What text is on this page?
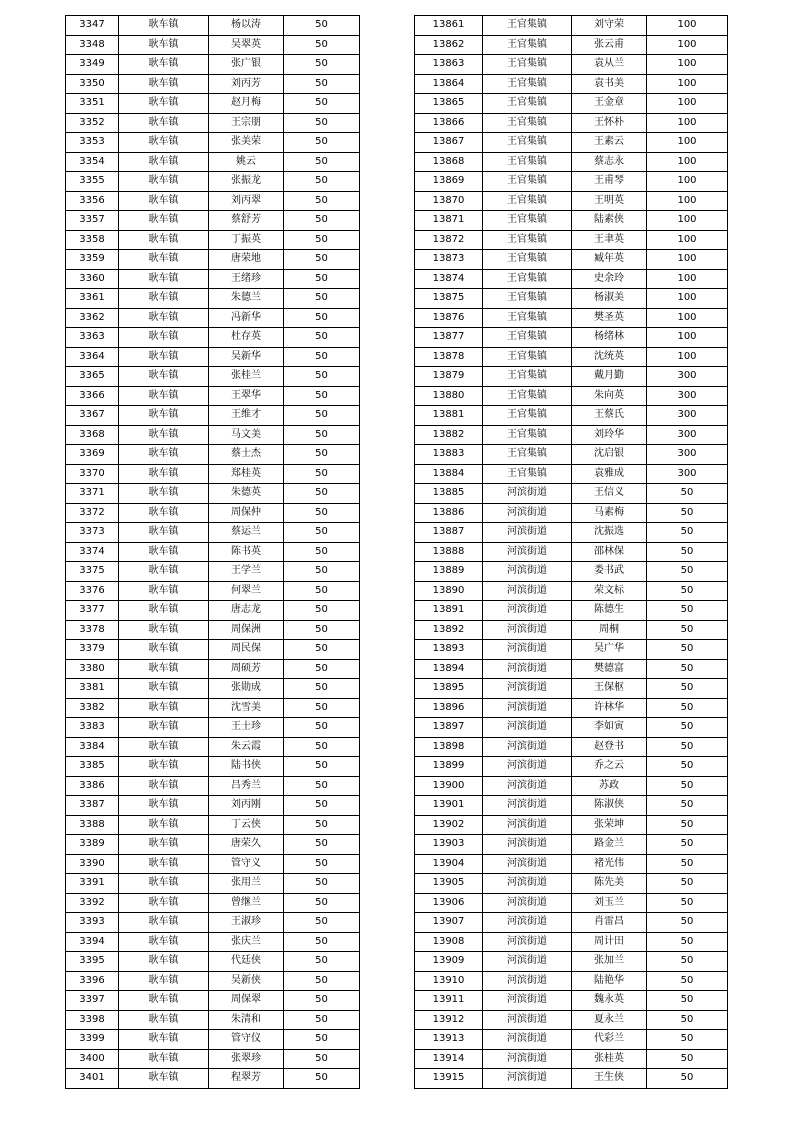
3347	耿车镇	杨以涛	50
3348	耿车镇	吴翠英	50
3349	耿车镇	张广银	50
3350	耿车镇	刘丙芳	50
3351	耿车镇	赵月梅	50
3352	耿车镇	王宗朋	50
3353	耿车镇	张美荣	50
3354	耿车镇	姚云	50
3355	耿车镇	张振龙	50
3356	耿车镇	刘丙翠	50
3357	耿车镇	蔡舒芳	50
3358	耿车镇	丁振英	50
3359	耿车镇	唐荣地	50
3360	耿车镇	王绪珍	50
3361	耿车镇	朱德兰	50
3362	耿车镇	冯新华	50
3363	耿车镇	杜存英	50
3364	耿车镇	吴新华	50
3365	耿车镇	张桂兰	50
3366	耿车镇	王翠华	50
3367	耿车镇	王维才	50
3368	耿车镇	马文美	50
3369	耿车镇	蔡士杰	50
3370	耿车镇	郑桂英	50
3371	耿车镇	朱德英	50
3372	耿车镇	周保仲	50
3373	耿车镇	蔡运兰	50
3374	耿车镇	陈书英	50
3375	耿车镇	王学兰	50
3376	耿车镇	何翠兰	50
3377	耿车镇	唐志龙	50
3378	耿车镇	周保洲	50
3379	耿车镇	周民保	50
3380	耿车镇	周硕芳	50
3381	耿车镇	张勋成	50
3382	耿车镇	沈雪美	50
3383	耿车镇	王士珍	50
3384	耿车镇	朱云霞	50
3385	耿车镇	陆书侠	50
3386	耿车镇	吕秀兰	50
3387	耿车镇	刘丙刚	50
3388	耿车镇	丁云侠	50
3389	耿车镇	唐荣久	50
3390	耿车镇	管守义	50
3391	耿车镇	张用兰	50
3392	耿车镇	曾继兰	50
3393	耿车镇	王淑珍	50
3394	耿车镇	张庆兰	50
3395	耿车镇	代廷侠	50
3396	耿车镇	吴新侠	50
3397	耿车镇	周保翠	50
3398	耿车镇	朱清和	50
3399	耿车镇	管守仪	50
3400	耿车镇	张翠珍	50
3401	耿车镇	程翠芳	50
13861	王官集镇	刘守荣	100
13862	王官集镇	张云甫	100
13863	王官集镇	袁从兰	100
13864	王官集镇	袁书美	100
13865	王官集镇	王金章	100
13866	王官集镇	王怀朴	100
13867	王官集镇	王素云	100
13868	王官集镇	蔡志永	100
13869	王官集镇	王甫琴	100
13870	王官集镇	王明英	100
13871	王官集镇	陆素侠	100
13872	王官集镇	王聿英	100
13873	王官集镇	臧年英	100
13874	王官集镇	史余玲	100
13875	王官集镇	杨淑美	100
13876	王官集镇	樊圣英	100
13877	王官集镇	杨绪林	100
13878	王官集镇	沈统英	100
13879	王官集镇	戴月勤	300
13880	王官集镇	朱向英	300
13881	王官集镇	王蔡氏	300
13882	王官集镇	刘玲华	300
13883	王官集镇	沈启银	300
13884	王官集镇	袁雅成	300
13885	河滨街道	王信义	50
13886	河滨街道	马素梅	50
13887	河滨街道	沈振选	50
13888	河滨街道	邵林保	50
13889	河滨街道	娄书武	50
13890	河滨街道	荣文标	50
13891	河滨街道	陈德生	50
13892	河滨街道	周桐	50
13893	河滨街道	吴广华	50
13894	河滨街道	樊德富	50
13895	河滨街道	王保枢	50
13896	河滨街道	许林华	50
13897	河滨街道	李如寅	50
13898	河滨街道	赵登书	50
13899	河滨街道	乔之云	50
13900	河滨街道	苏政	50
13901	河滨街道	陈淑侠	50
13902	河滨街道	张荣坤	50
13903	河滨街道	路金兰	50
13904	河滨街道	褚光伟	50
13905	河滨街道	陈先美	50
13906	河滨街道	刘玉兰	50
13907	河滨街道	肖雷昌	50
13908	河滨街道	周计田	50
13909	河滨街道	张加兰	50
13910	河滨街道	陆艳华	50
13911	河滨街道	魏永英	50
13912	河滨街道	夏永兰	50
13913	河滨街道	代彩兰	50
13914	河滨街道	张桂英	50
13915	河滨街道	王生侠	50
